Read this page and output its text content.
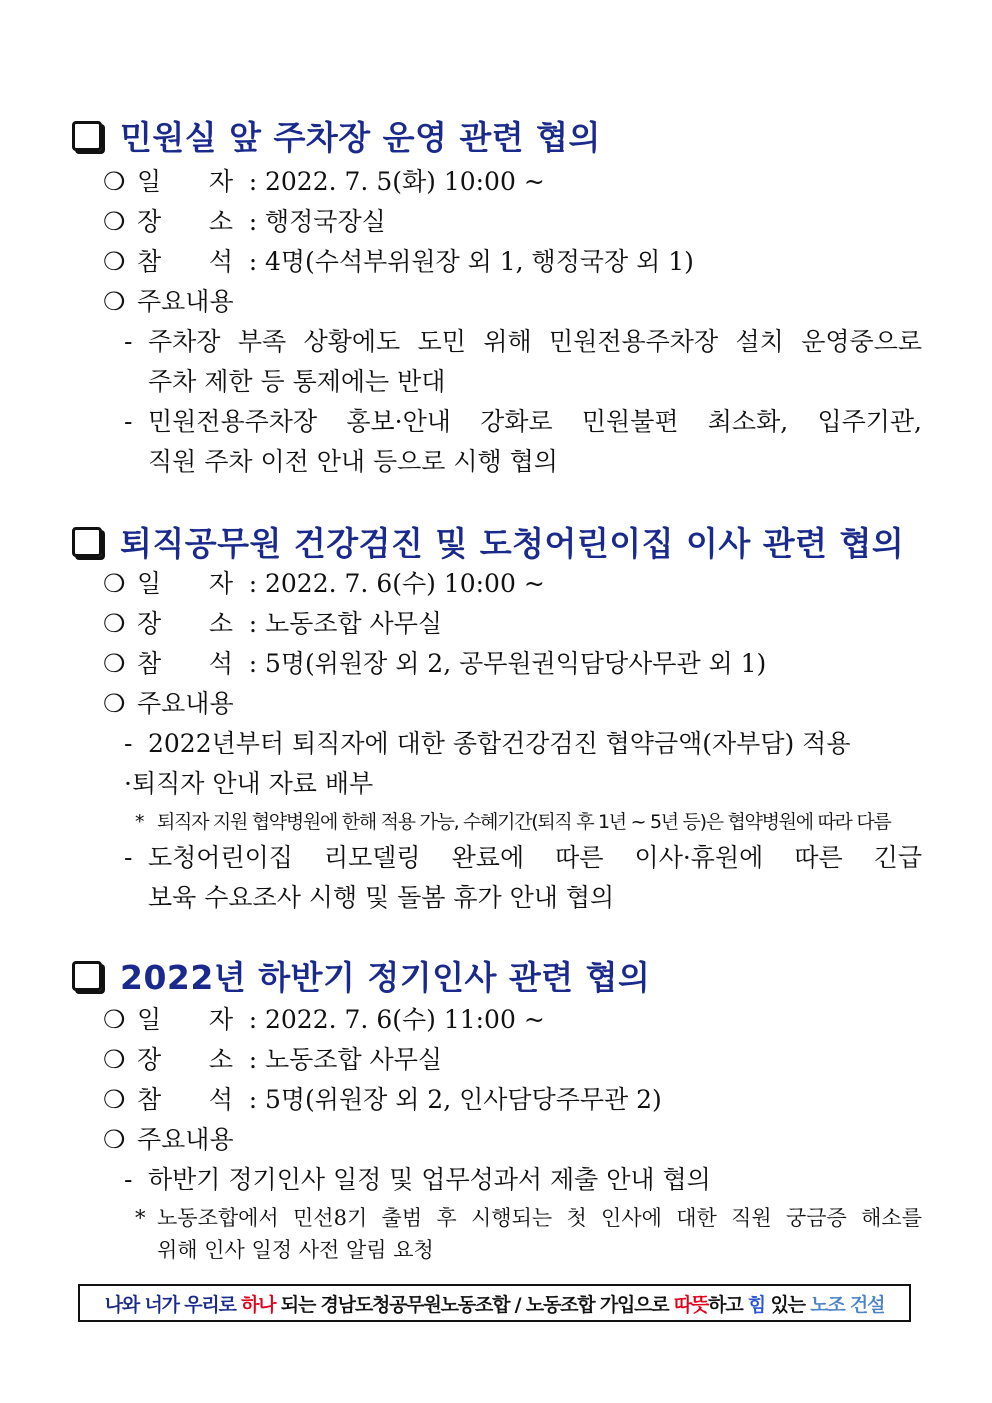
민원실 앞 주차장 운영 관련 협의
❍ 일      자 : 2022. 7. 5(화) 10:00 ~
❍ 장      소 : 행정국장실
❍ 참      석 : 4명(수석부위원장 외 1, 행정국장 외 1)
❍ 주요내용
- 주차장 부족 상황에도 도민 위해 민원전용주차장 설치 운영중으로
주차 제한 등 통제에는 반대
- 민원전용주차장 홍보·안내 강화로 민원불편 최소화, 입주기관,
직원 주차 이전 안내 등으로 시행 협의
퇴직공무원 건강검진 및 도청어린이집 이사 관련 협의
❍ 일      자 : 2022. 7. 6(수) 10:00 ~
❍ 장      소 : 노동조합 사무실
❍ 참      석 : 5명(위원장 외 2, 공무원권익담당사무관 외 1)
❍ 주요내용
- 2022년부터 퇴직자에 대한 종합건강검진 협약금액(자부담) 적용
·퇴직자 안내 자료 배부
* 퇴직자 지원 협약병원에 한해 적용 가능, 수혜기간(퇴직 후 1년 ~ 5년 등)은 협약병원에 따라 다름
- 도청어린이집 리모델링 완료에 따른 이사·휴원에 따른 긴급
보육 수요조사 시행 및 돌봄 휴가 안내 협의
2022년 하반기 정기인사 관련 협의
❍ 일      자 : 2022. 7. 6(수) 11:00 ~
❍ 장      소 : 노동조합 사무실
❍ 참      석 : 5명(위원장 외 2, 인사담당주무관 2)
❍ 주요내용
- 하반기 정기인사 일정 및 업무성과서 제출 안내 협의
* 노동조합에서 민선8기 출범 후 시행되는 첫 인사에 대한 직원 궁금증 해소를
위해 인사 일정 사전 알림 요청
나와 너가 우리로 하나 되는 경남도청공무원노동조합 / 노동조합 가입으로 따뜻 하고 힘 있는 노조 건설
